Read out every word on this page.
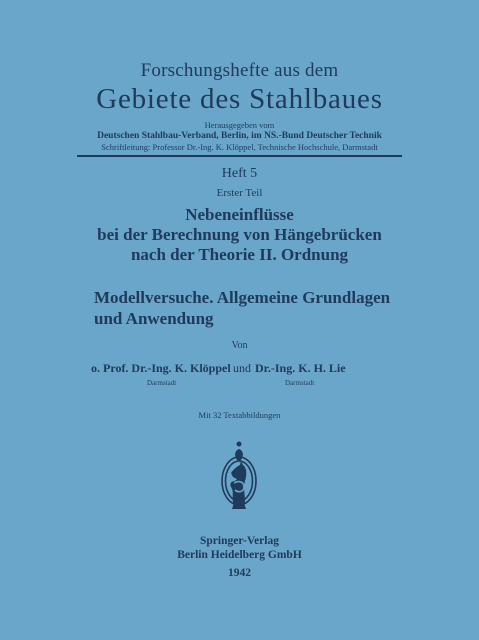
Forschungshefte aus dem
Gebiete des Stahlbaues
Herausgegeben vom
Deutschen Stahlbau-Verband, Berlin, im NS.-Bund Deutscher Technik
Schriftleitung: Professor Dr.-Ing. K. Klöppel, Technische Hochschule, Darmstadt
Heft 5
Erster Teil
Nebeneinflüsse
bei der Berechnung von Hängebrücken
nach der Theorie II. Ordnung
Modellversuche. Allgemeine Grundlagen
und Anwendung
Von
o. Prof. Dr.-Ing. K. Klöppel und Dr.-Ing. K. H. Lie
Darmstadt	Darmstadt
Mit 32 Textabbildungen
Springer-Verlag
Berlin Heidelberg GmbH
1942
